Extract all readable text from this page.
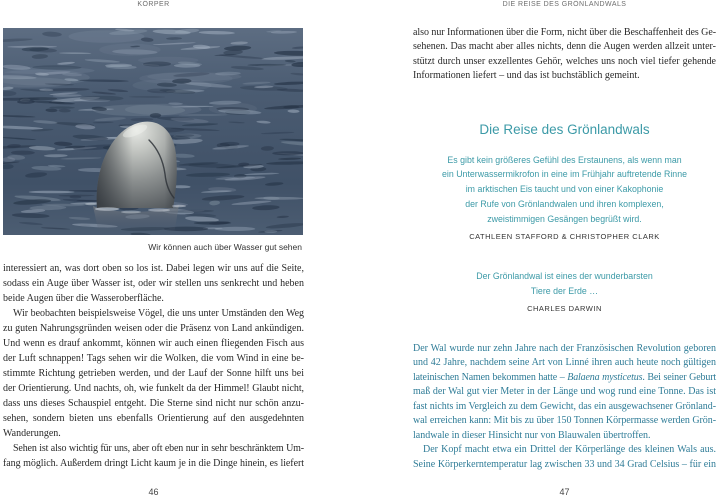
KÖRPER
Wir können auch über Wasser gut sehen
interessiert an, was dort oben so los ist. Dabei legen wir uns auf die Seite,
sodass ein Auge über Wasser ist, oder wir stellen uns senkrecht und heben
beide Augen über die Wasseroberfläche.
Wir beobachten beispielsweise Vögel, die uns unter Umständen den Weg
zu guten Nahrungsgründen weisen oder die Präsenz von Land ankündigen.
Und wenn es drauf ankommt, können wir auch einen fliegenden Fisch aus
der Luft schnappen! Tags sehen wir die Wolken, die vom Wind in eine be-
stimmte Richtung getrieben werden, und der Lauf der Sonne hilft uns bei
der Orientierung. Und nachts, oh, wie funkelt da der Himmel! Glaubt nicht,
dass uns dieses Schauspiel entgeht. Die Sterne sind nicht nur schön anzu-
sehen, sondern bieten uns ebenfalls Orientierung auf den ausgedehnten
Wanderungen.
Sehen ist also wichtig für uns, aber oft eben nur in sehr beschränktem Um-
fang möglich. Außerdem dringt Licht kaum je in die Dinge hinein, es liefert
46
DIE REISE DES GRÖNLANDWALS
also nur Informationen über die Form, nicht über die Beschaffenheit des Ge-
sehenen. Das macht aber alles nichts, denn die Augen werden allzeit unter-
stützt durch unser exzellentes Gehör, welches uns noch viel tiefer gehende
Informationen liefert – und das ist buchstäblich gemeint.
Die Reise des Grönlandwals
Es gibt kein größeres Gefühl des Erstaunens, als wenn man
ein Unterwassermikrofon in eine im Frühjahr auftretende Rinne
im arktischen Eis taucht und von einer Kakophonie
der Rufe von Grönlandwalen und ihren komplexen,
zweistimmigen Gesängen begrüßt wird.
CATHLEEN STAFFORD & CHRISTOPHER CLARK
Der Grönlandwal ist eines der wunderbarsten
Tiere der Erde …
CHARLES DARWIN
Der Wal wurde nur zehn Jahre nach der Französischen Revolution geboren
und 42 Jahre, nachdem seine Art von Linné ihren auch heute noch gültigen
lateinischen Namen bekommen hatte – Balaena mysticetus. Bei seiner Geburt
maß der Wal gut vier Meter in der Länge und wog rund eine Tonne. Das ist
fast nichts im Vergleich zu dem Gewicht, das ein ausgewachsener Grönland-
wal erreichen kann: Mit bis zu über 150 Tonnen Körpermasse werden Grön-
landwale in dieser Hinsicht nur von Blauwalen übertroffen.
Der Kopf macht etwa ein Drittel der Körperlänge des kleinen Wals aus.
Seine Körperkerntemperatur lag zwischen 33 und 34 Grad Celsius – für ein
47
